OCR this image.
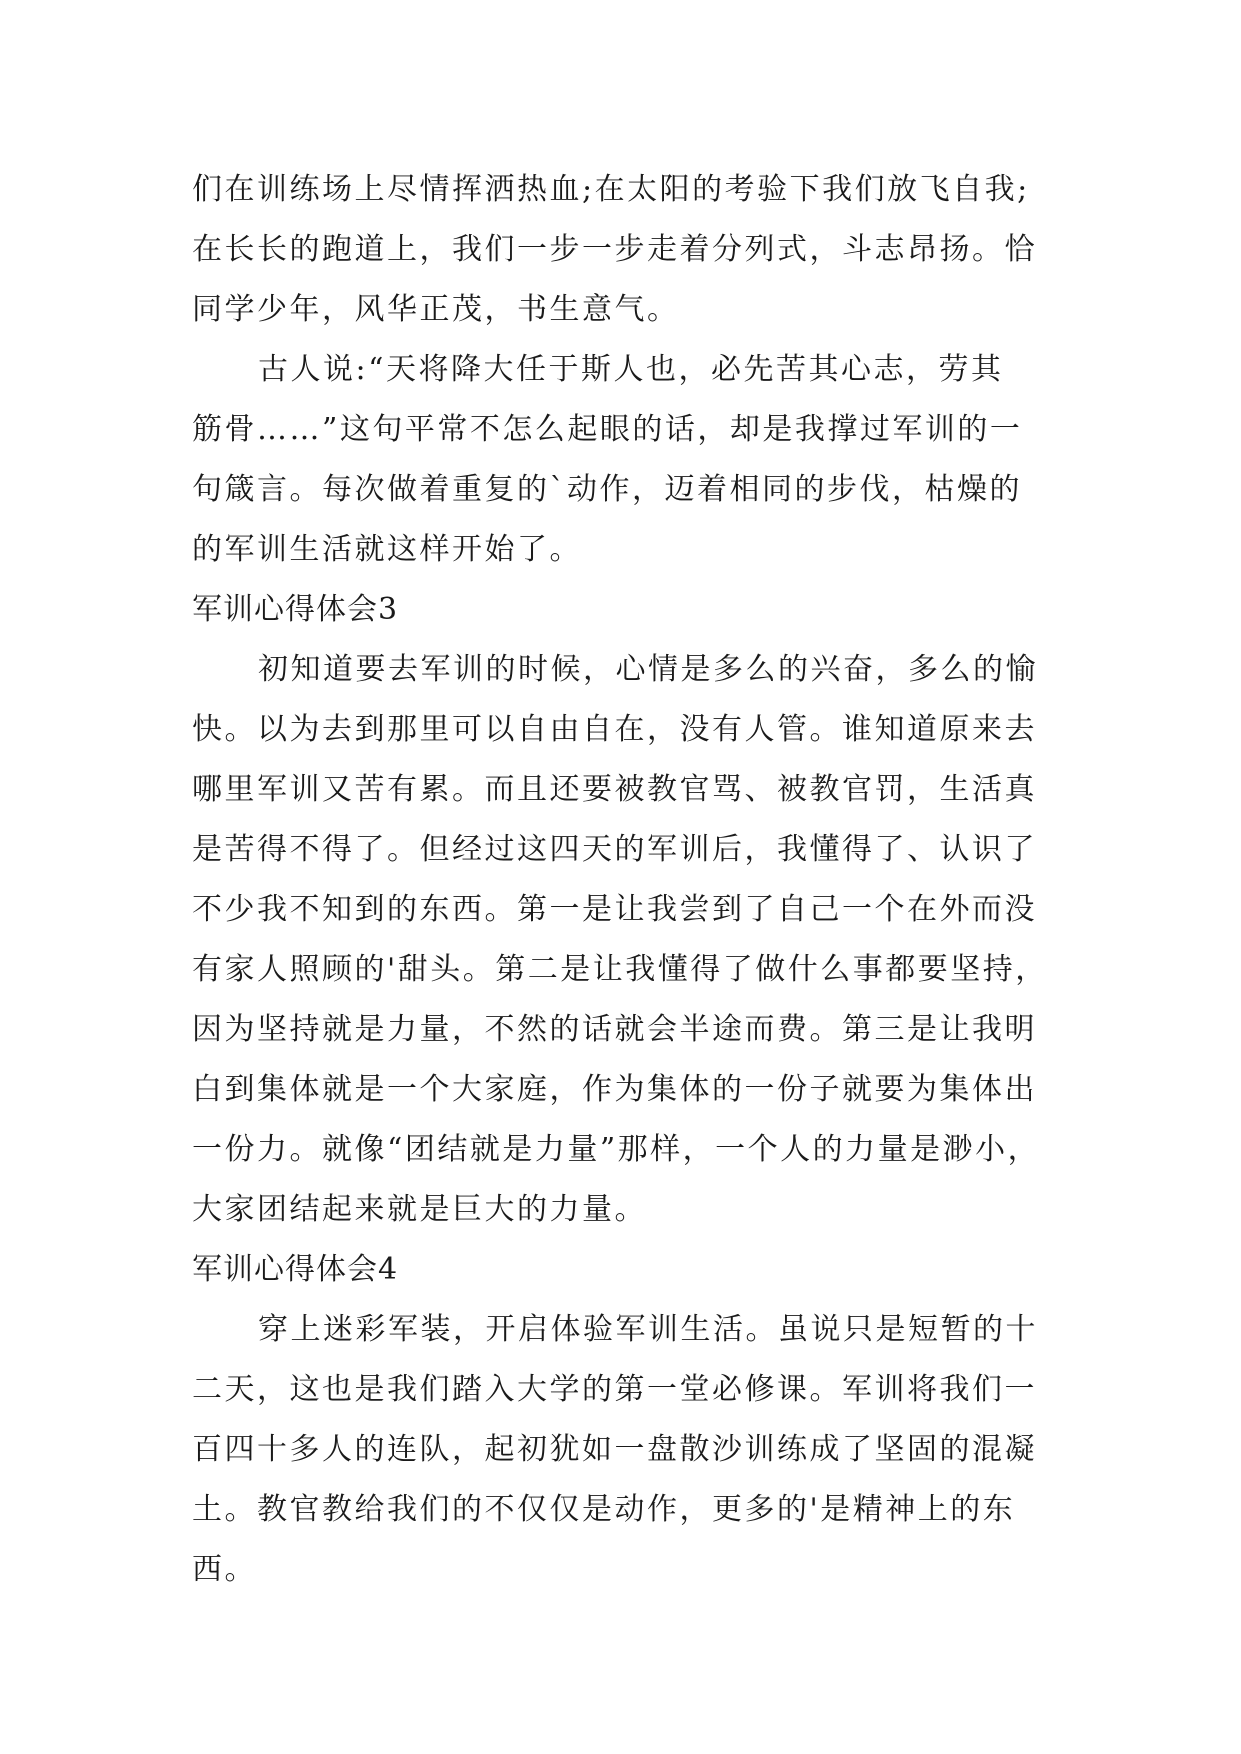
们在训练场上尽情挥洒热血;在太阳的考验下我们放飞自我;
在长长的跑道上，我们一步一步走着分列式，斗志昂扬。恰
同学少年，风华正茂，书生意气。
古人说:“天将降大任于斯人也，必先苦其心志，劳其
筋骨……”这句平常不怎么起眼的话，却是我撑过军训的一
句箴言。每次做着重复的`动作，迈着相同的步伐，枯燥的
的军训生活就这样开始了。
军训心得体会3
初知道要去军训的时候，心情是多么的兴奋，多么的愉
快。以为去到那里可以自由自在，没有人管。谁知道原来去
哪里军训又苦有累。而且还要被教官骂、被教官罚，生活真
是苦得不得了。但经过这四天的军训后，我懂得了、认识了
不少我不知到的东西。第一是让我尝到了自己一个在外而没
有家人照顾的'甜头。第二是让我懂得了做什么事都要坚持，
因为坚持就是力量，不然的话就会半途而费。第三是让我明
白到集体就是一个大家庭，作为集体的一份子就要为集体出
一份力。就像“团结就是力量”那样，一个人的力量是渺小，
大家团结起来就是巨大的力量。
军训心得体会4
穿上迷彩军装，开启体验军训生活。虽说只是短暂的十
二天，这也是我们踏入大学的第一堂必修课。军训将我们一
百四十多人的连队，起初犹如一盘散沙训练成了坚固的混凝
土。教官教给我们的不仅仅是动作，更多的'是精神上的东
西。
